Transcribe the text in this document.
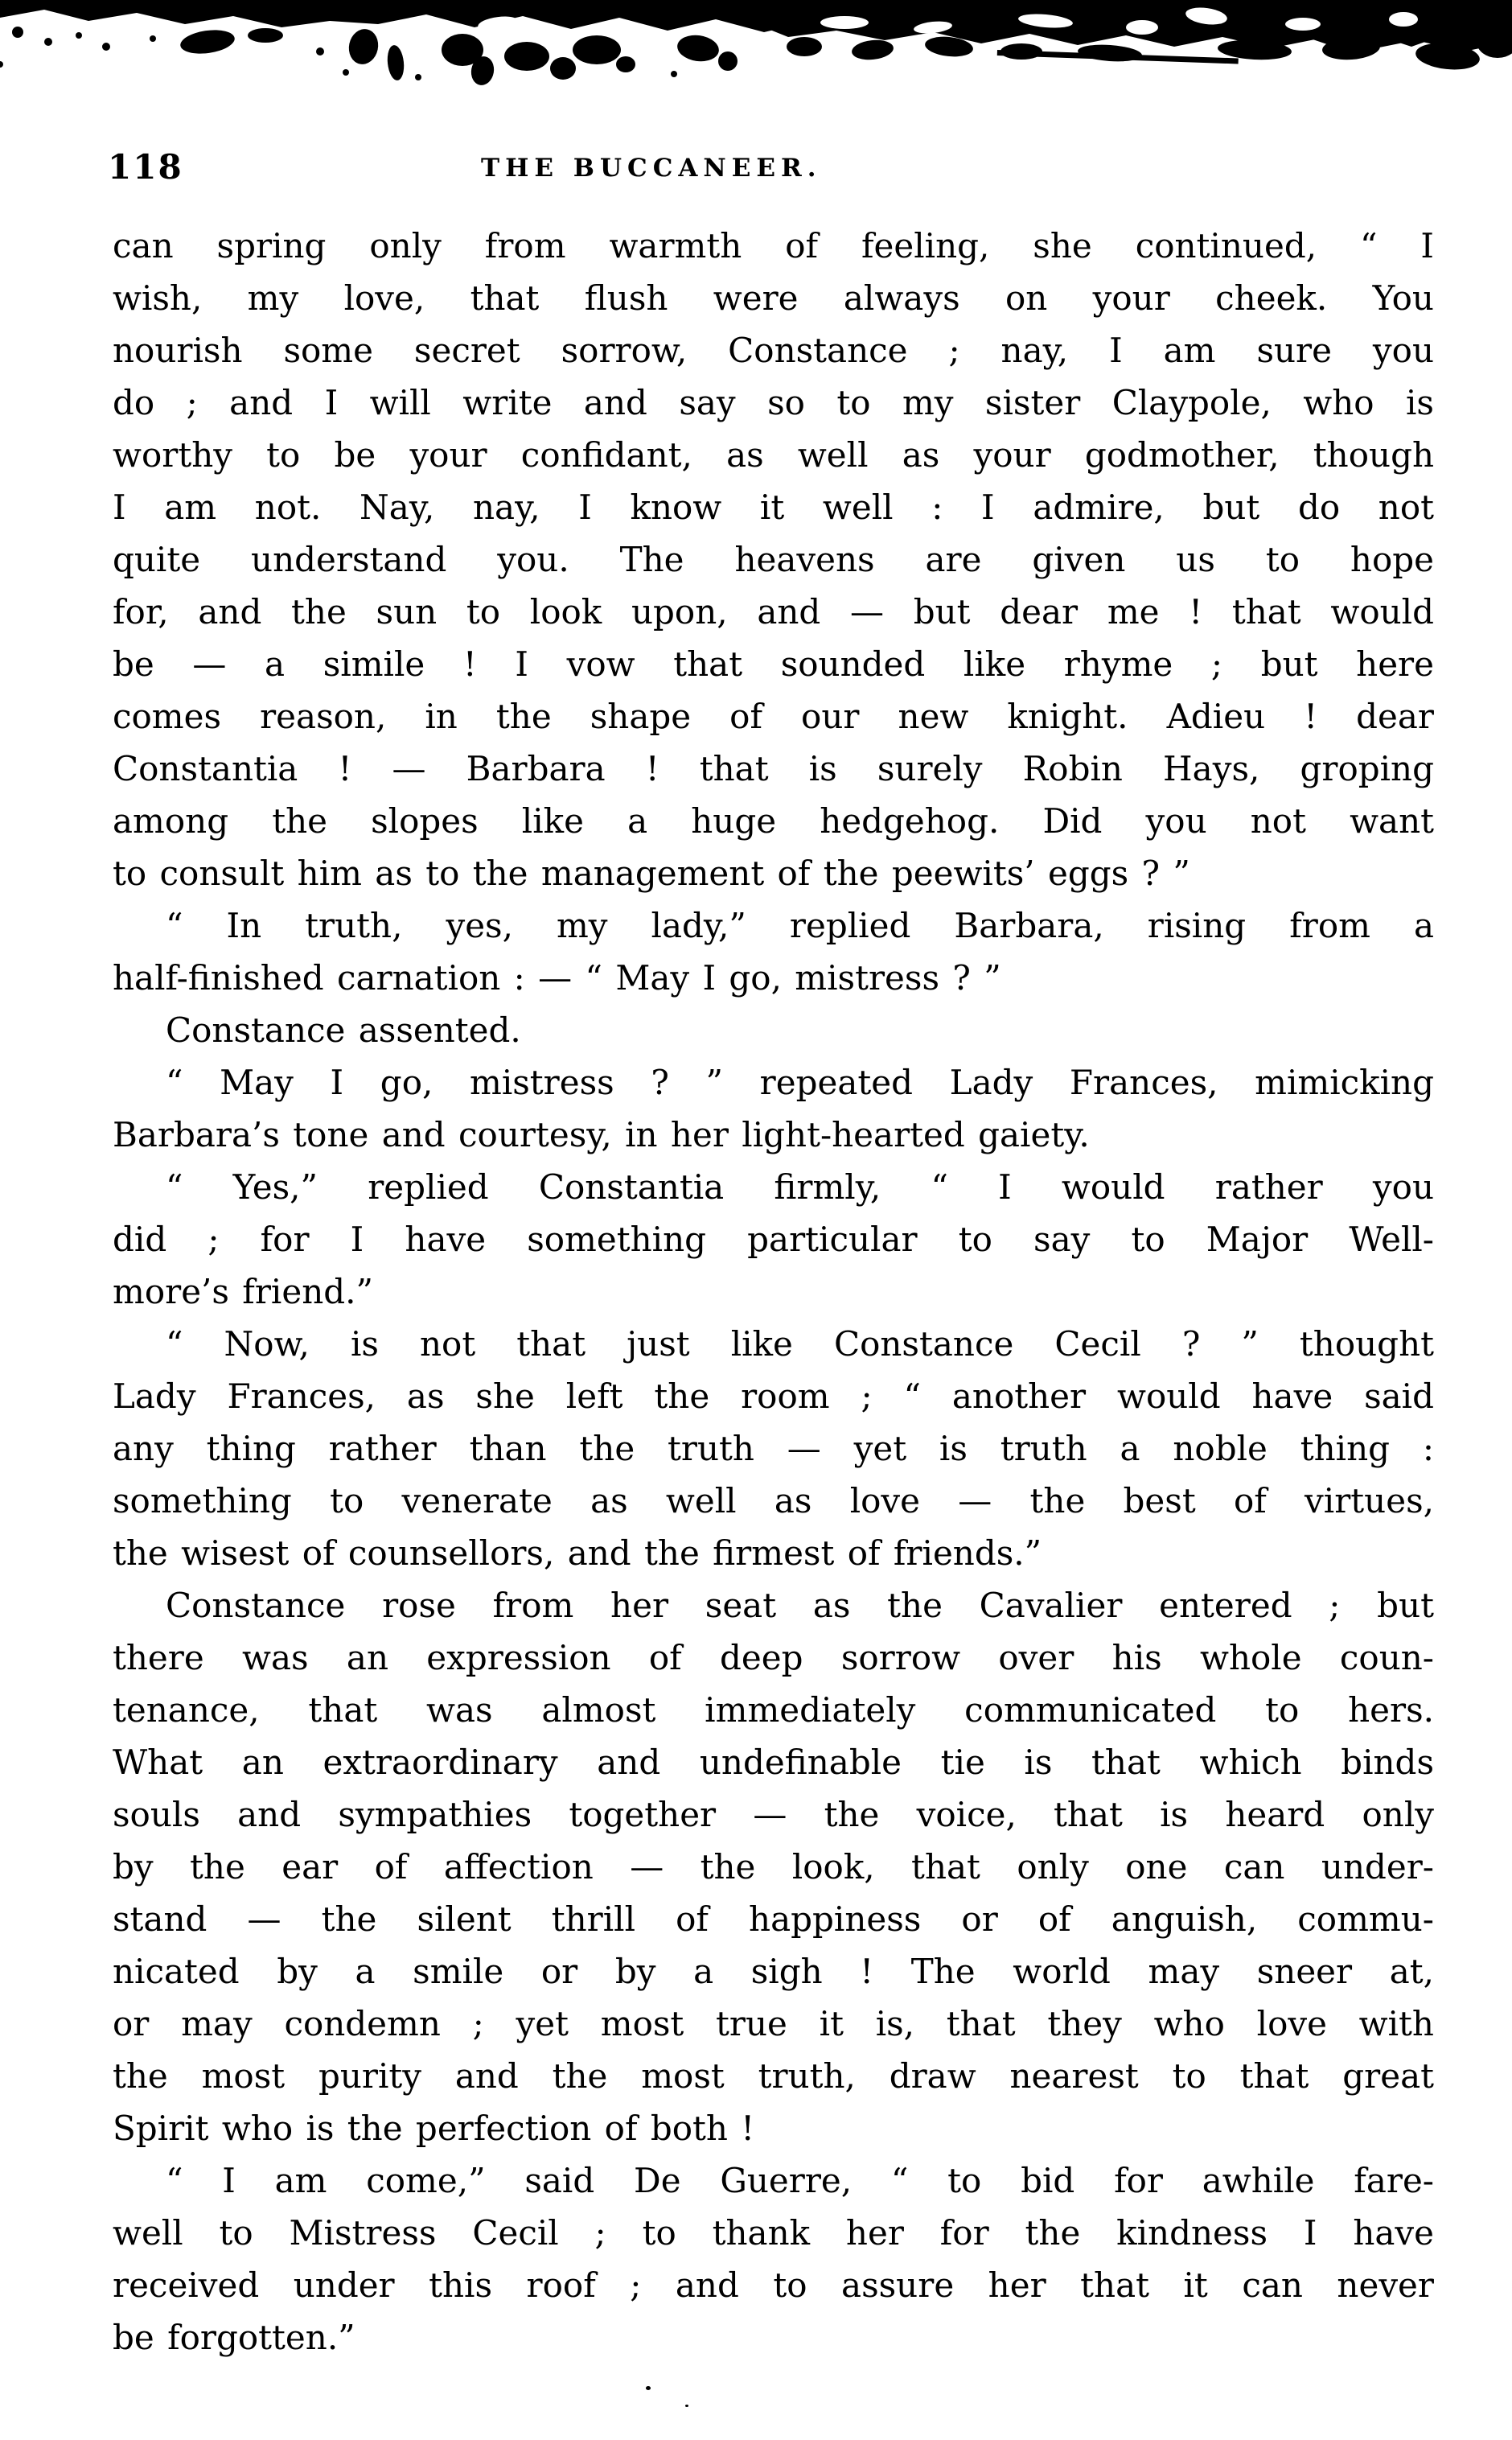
118	THE BUCCANEER.
can spring only from warmth of feeling, she continued, “ I
wish, my love, that flush were always on your cheek. You
nourish some secret sorrow, Constance ; nay, I am sure you
do ; and I will write and say so to my sister Claypole, who is
worthy to be your confidant, as well as your godmother, though
I am not. Nay, nay, I know it well : I admire, but do not
quite understand you. The heavens are given us to hope
for, and the sun to look upon, and — but dear me ! that would
be — a simile ! I vow that sounded like rhyme ; but here
comes reason, in the shape of our new knight. Adieu ! dear
Constantia ! — Barbara ! that is surely Robin Hays, groping
among the slopes like a huge hedgehog. Did you not want
to consult him as to the management of the peewits’ eggs ? ”
“ In truth, yes, my lady,” replied Barbara, rising from a
half-finished carnation : — “ May I go, mistress ? ”
Constance assented.
“ May I go, mistress ? ” repeated Lady Frances, mimicking
Barbara’s tone and courtesy, in her light-hearted gaiety.
“ Yes,” replied Constantia firmly, “ I would rather you
did ; for I have something particular to say to Major Well-
more’s friend.”
“ Now, is not that just like Constance Cecil ? ” thought
Lady Frances, as she left the room ; “ another would have said
any thing rather than the truth — yet is truth a noble thing :
something to venerate as well as love — the best of virtues,
the wisest of counsellors, and the firmest of friends.”
Constance rose from her seat as the Cavalier entered ; but
there was an expression of deep sorrow over his whole coun-
tenance, that was almost immediately communicated to hers.
What an extraordinary and undefinable tie is that which binds
souls and sympathies together — the voice, that is heard only
by the ear of affection — the look, that only one can under-
stand — the silent thrill of happiness or of anguish, commu-
nicated by a smile or by a sigh ! The world may sneer at,
or may condemn ; yet most true it is, that they who love with
the most purity and the most truth, draw nearest to that great
Spirit who is the perfection of both !
“ I am come,” said De Guerre, “ to bid for awhile fare-
well to Mistress Cecil ; to thank her for the kindness I have
received under this roof ; and to assure her that it can never
be forgotten.”
